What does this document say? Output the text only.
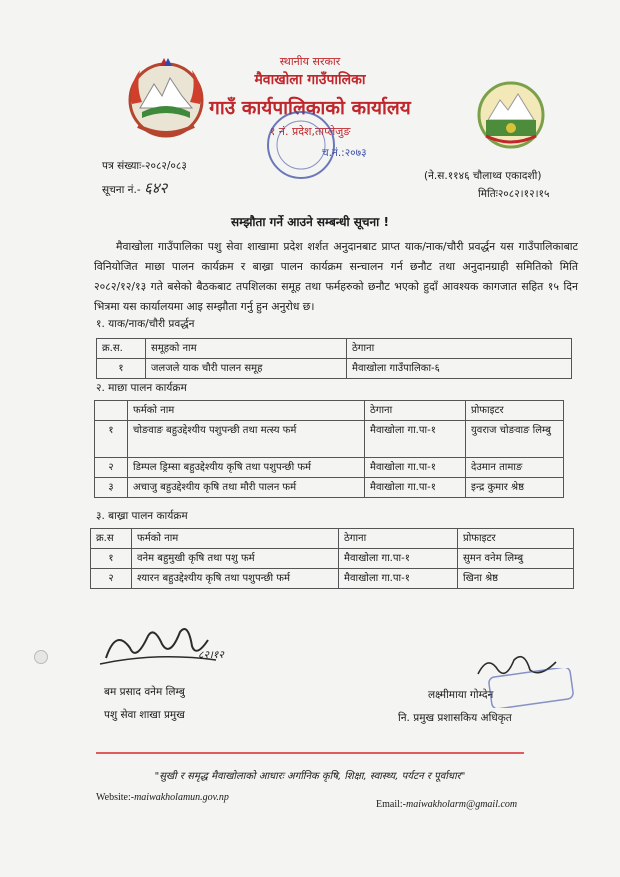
स्थानीय सरकार
मैवाखोला गाउँपालिका
गाउँ कार्यपालिकाको कार्यालय
१ नं. प्रदेश,ताप्लेजुङ
च.नं.:२०७३
पत्र संख्याः-२०८२/०८३
सूचना नं.- ६४२
(ने.स.११४६ चौलाथ्व एकादशी)
मितिः२०८२।१२।१५
सम्झौता गर्ने आउने सम्बन्धी सूचना !
मैवाखोला गाउँपालिका पशु सेवा शाखामा प्रदेश शर्शत अनुदानबाट प्राप्त याक/नाक/चौरी प्रवर्द्धन यस गाउँपालिकाबाट विनियोजित माछा पालन कार्यक्रम र बाख्रा पालन कार्यक्रम सन्चालन गर्न छनौट तथा अनुदानग्राही समितिको मिति २०८२/१२/१३ गते बसेको बैठकबाट तपशिलका समूह तथा फर्महरुको छनौट भएको हुदाँ आवश्यक कागजात सहित १५ दिन भित्रमा यस कार्यालयमा आइ सम्झौता गर्नु हुन अनुरोध छ।
१. याक/नाक/चौरी प्रवर्द्धन
क्र.स.	समूहको नाम	ठेगाना
१	जलजले याक चौरी पालन समूह	मैवाखोला गाउँपालिका-६
२. माछा पालन कार्यक्रम
	फर्मको नाम	ठेगाना	प्रोफाइटर
१	चोङवाङ बहुउद्देश्यीय पशुपन्छी तथा मत्स्य फर्म	मैवाखोला गा.पा-१	युवराज चोङवाङ लिम्बु
२	डिम्पल ड्रिम्सा बहुउद्देश्यीय कृषि तथा पशुपन्छी फर्म	मैवाखोला गा.पा-१	देउमान तामाङ
३	अचाजु बहुउद्देश्यीय कृषि तथा मौरी पालन फर्म	मैवाखोला गा.पा-१	इन्द्र कुमार श्रेष्ठ
३. बाख्रा पालन कार्यक्रम
क्र.स	फर्मको नाम	ठेगाना	प्रोफाइटर
१	वनेम बहुमुखी कृषि तथा पशु फर्म	मैवाखोला गा.पा-१	सुमन वनेम लिम्बु
२	श्यारन बहुउद्देश्यीय कृषि तथा पशुपन्छी फर्म	मैवाखोला गा.पा-१	खिना श्रेष्ठ
८२।१२
बम प्रसाद वनेम लिम्बु
पशु सेवा शाखा प्रमुख
लक्ष्मीमाया गोम्देन
नि. प्रमुख प्रशासकिय अधिकृत
"सुखी र समृद्ध मैवाखोलाको आधारः अर्गानिक कृषि, शिक्षा, स्वास्थ्य, पर्यटन र पूर्वाधार"
Website:-maiwakholamun.gov.np
Email:-maiwakholarm@gmail.com
